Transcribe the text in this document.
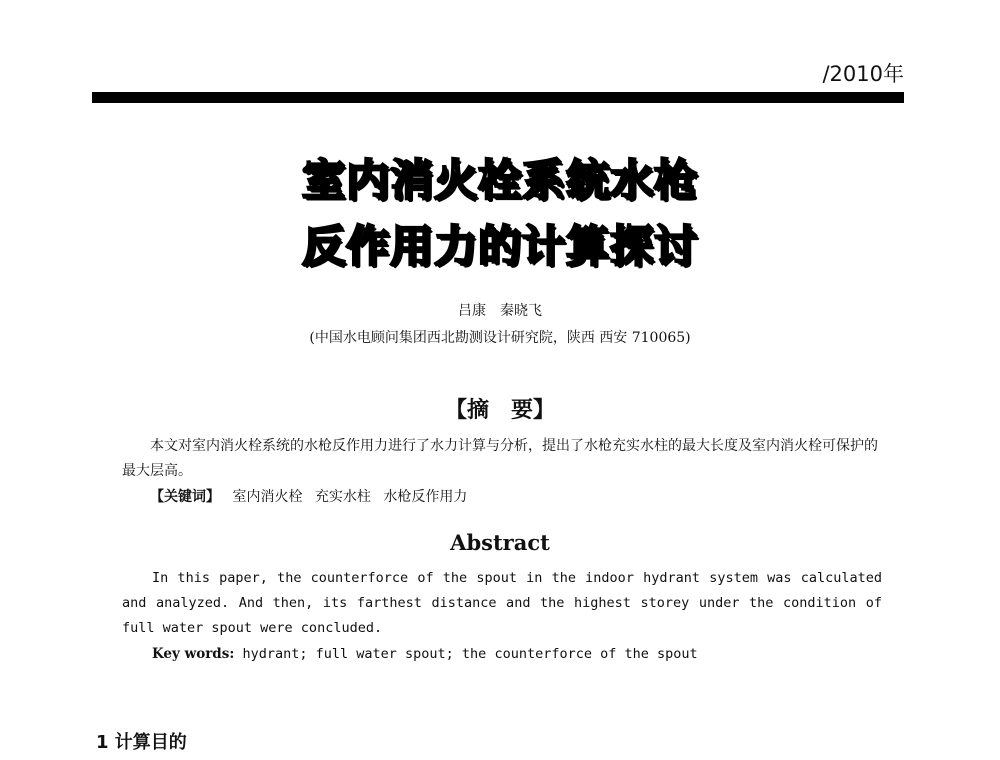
/2010年
室内消火栓系统水枪
反作用力的计算探讨
吕康　秦晓飞
(中国水电顾问集团西北勘测设计研究院，陕西 西安 710065)
【摘　要】
本文对室内消火栓系统的水枪反作用力进行了水力计算与分析，提出了水枪充实水柱的最大长度及室内消火栓可保护的最大层高。
【关键词】 室内消火栓 充实水柱 水枪反作用力
Abstract
In this paper, the counterforce of the spout in the indoor hydrant system was calculated and analyzed. And then, its farthest distance and the highest storey under the condition of full water spout were concluded.
Key words: hydrant; full water spout; the counterforce of the spout
1 计算目的
